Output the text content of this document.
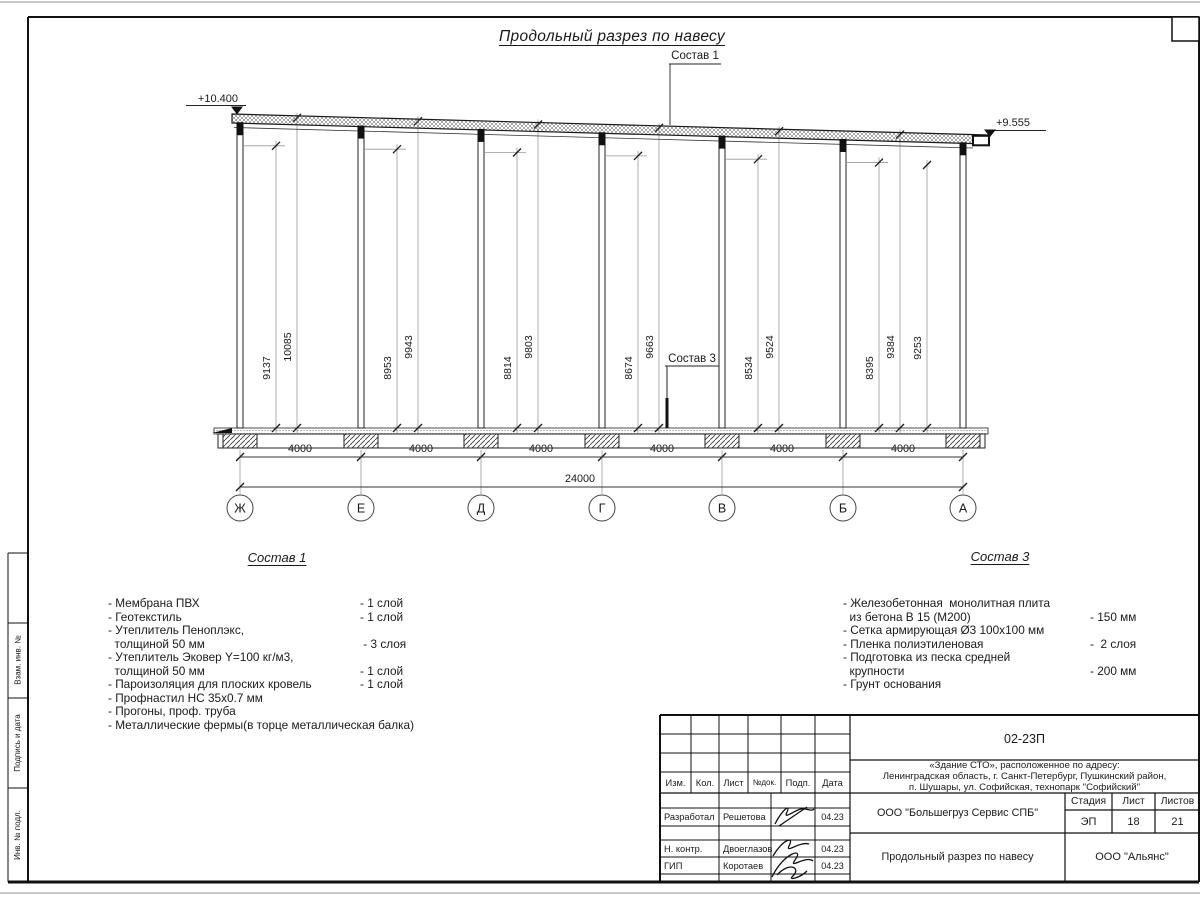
9137
10085
8953
9943
8814
9803
8674
9663
8534
9524
8395
9384 9253
4000	4000	4000	4000	4000	4000
24000
Ж	Е	Д	Г	В	Б	А
+10.400
+9.555
Состав 1
Состав 3
Продольный разрез по навесу
Состав 1
- Мембрана ПВХ	- 1 слой
- Геотекстиль	- 1 слой
- Утеплитель Пеноплэкс,
толщиной 50 мм	- 3 слоя
- Утеплитель Эковер Y=100 кг/м3,
толщиной 50 мм	- 1 слой
- Пароизоляция для плоских кровель	- 1 слой
- Профнастил НС 35х0.7 мм
- Прогоны, проф. труба
- Металлические фермы(в торце металлическая балка)
Состав 3
- Железобетонная  монолитная плита
из бетона В 15 (М200)	- 150 мм
- Сетка армирующая Ø3 100х100 мм
- Пленка полиэтиленовая	-  2 слоя
- Подготовка из песка средней
крупности	- 200 мм
- Грунт основания
02-23П
«Здание СТО», расположенное по адресу:
Ленинградская область, г. Санкт-Петербург, Пушкинский район,
п. Шушары, ул. Софийская, технопарк "Софийский"
Изм.	Кол. Лист	№док.	Подп.	Дата
Разработал Решетова	04.23
Н. контр.	Двоеглазов	04.23
ГИП	Коротаев	04.23
ООО "Большегруз Сервис СПБ"
Продольный разрез по навесу	ООО "Альянс"
Стадия	Лист	Листов
ЭП	18	21
Взам. инв. №
Подпись и дата
Инв. № подл.
